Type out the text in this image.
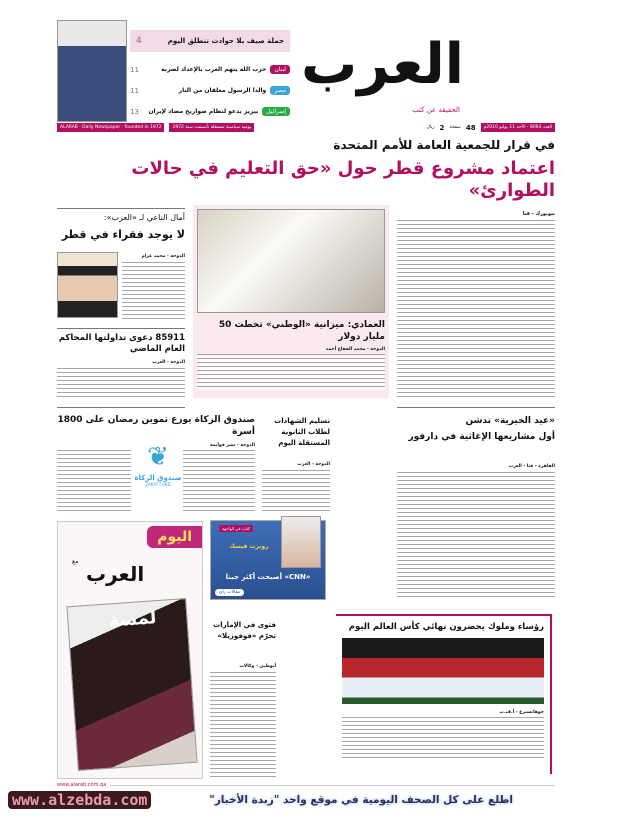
العرب
الحقيقة عن كثب
حملة صيف بلا حوادث تنطلق اليوم
4
لبنان
حزب الله يتهم الغرب بالإعداد لضربه
11
مصر
والدا الرسول معلقان من النار
11
إسرائيل
بيريز يدعو لنظام صواريخ مضاد لإيران
13
العدد 8064 - الأحد 11 يوليو 2010م
48
صفحة
2
ريال
يومية سياسية مستقلة تأسست سنة 1972
ALARAB · Daily Newspaper · founded in 1972
في قرار للجمعية العامة للأمم المتحدة
اعتماد مشروع قطر حول «حق التعليم في حالات الطوارئ»
نيويورك - قنا
العمادي: ميزانية «الوطني» تخطت 50 مليار دولار
الدوحة - محمد الفقاع أحمد
أمال الناعي لـ «العرب»:
لا يوجد فقراء في قطر
الدوحة - محمد عزام
85911 دعوى تداولتها المحاكم العام الماضي
الدوحة - العرب
«عيد الخيرية» تدشن
أول مشاريعها الإغاثية في دارفور
القاهرة - قنا - العرب
تسليم الشهادات لطلاب الثانوية المستقلة اليوم
الدوحة - العرب
صندوق الزكاة يوزع تموين رمضان على 1800 أسرة
الدوحة - نشر قوايمة
❦
صندوق الزكاة
ZAKAT FUND
كتاب في الواجهة
«CNN» أصبحت أكثر جبنا
روبرت فيسك
مقالات رأي
اليوم
مع
العرب
لمسة	رؤساء وملوك يحضرون نهائي كأس العالم اليوم
جوهانسبرغ - أ.ف.ب
فتوى في الإمارات تحرّم «فوفوزيلا»
أبوظبي - وكالات
www.alarab.com.qa
اطلع على كل الصحف اليومية في موقع واحد "زبدة الأخبار"
www.alzebda.com
